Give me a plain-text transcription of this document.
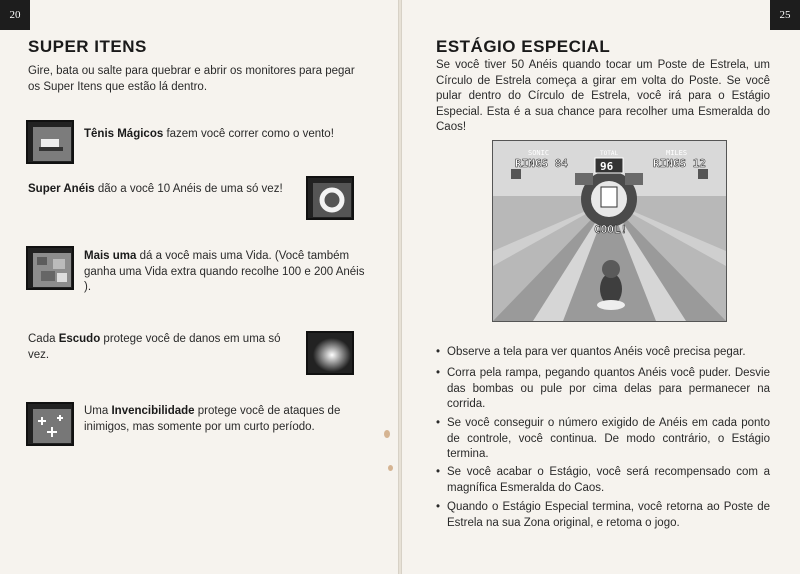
20
SUPER ITENS

Gire, bata ou salte para quebrar e abrir os monitores para pegar os Super Itens que estão lá dentro.

Tênis Mágicos fazem você correr como o vento!

Super Anéis dão a você 10 Anéis de uma só vez!

Mais uma dá a você mais uma Vida. (Você também ganha uma Vida extra quando recolhe 100 e 200 Anéis ).

Cada Escudo protege você de danos em uma só vez.

Uma Invencibilidade protege você de ataques de inimigos, mas somente por um curto período.

25
ESTÁGIO ESPECIAL

Se você tiver 50 Anéis quando tocar um Poste de Estrela, um Círculo de Estrela começa a girar em volta do Poste. Se você pular dentro do Círculo de Estrela, você irá para o Estágio Especial. Esta é a sua chance para recolher uma Esmeralda do Caos!

SONIC
RINGS 84
TOTAL
96
MILES
RINGS 12
COOL!
• Observe a tela para ver quantos Anéis você precisa pegar.
• Corra pela rampa, pegando quantos Anéis você puder. Desvie das bombas ou pule por cima delas para permanecer na corrida.
• Se você conseguir o número exigido de Anéis em cada ponto de controle, você continua. De modo contrário, o Estágio termina.
• Se você acabar o Estágio, você será recompensado com a magnífica Esmeralda do Caos.
• Quando o Estágio Especial termina, você retorna ao Poste de Estrela na sua Zona original, e retoma o jogo.
